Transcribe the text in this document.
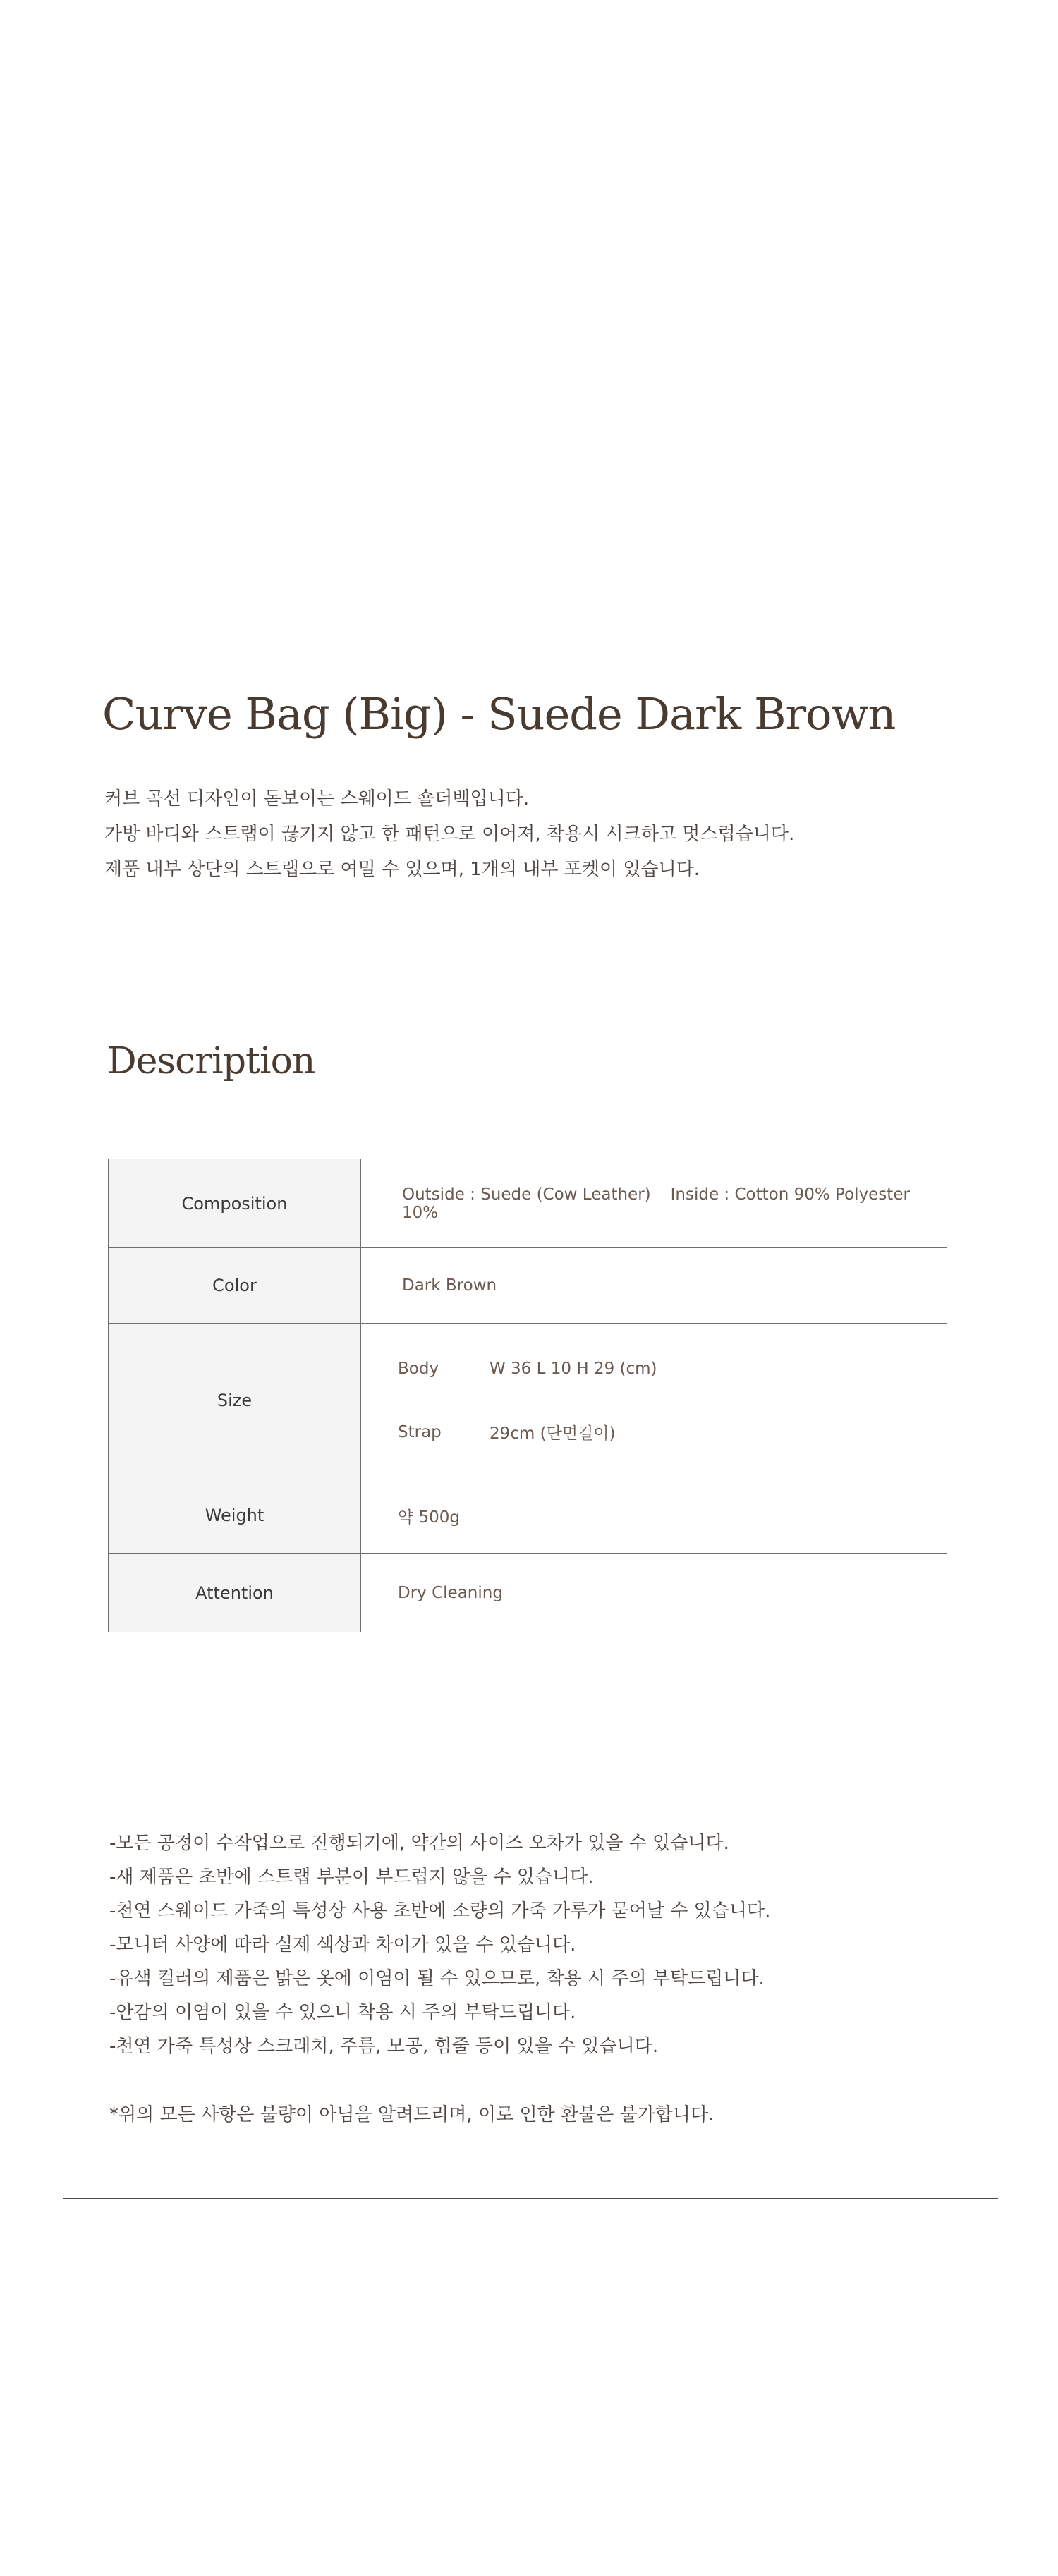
Curve Bag (Big) - Suede Dark Brown
커브 곡선 디자인이 돋보이는 스웨이드 숄더백입니다.
가방 바디와 스트랩이 끊기지 않고 한 패턴으로 이어져, 착용시 시크하고 멋스럽습니다.
제품 내부 상단의 스트랩으로 여밀 수 있으며, 1개의 내부 포켓이 있습니다.
Description
Composition	Outside : Suede (Cow Leather) Inside : Cotton 90% Polyester 10%
Color	Dark Brown
Size	Body W 36 L 10 H 29 (cm)
Strap 29cm (단면길이)

Weight	약 500g
Attention	Dry Cleaning
-모든 공정이 수작업으로 진행되기에, 약간의 사이즈 오차가 있을 수 있습니다.
-새 제품은 초반에 스트랩 부분이 부드럽지 않을 수 있습니다.
-천연 스웨이드 가죽의 특성상 사용 초반에 소량의 가죽 가루가 묻어날 수 있습니다.
-모니터 사양에 따라 실제 색상과 차이가 있을 수 있습니다.
-유색 컬러의 제품은 밝은 옷에 이염이 될 수 있으므로, 착용 시 주의 부탁드립니다.
-안감의 이염이 있을 수 있으니 착용 시 주의 부탁드립니다.
-천연 가죽 특성상 스크래치, 주름, 모공, 힘줄 등이 있을 수 있습니다.
*위의 모든 사항은 불량이 아님을 알려드리며, 이로 인한 환불은 불가합니다.
